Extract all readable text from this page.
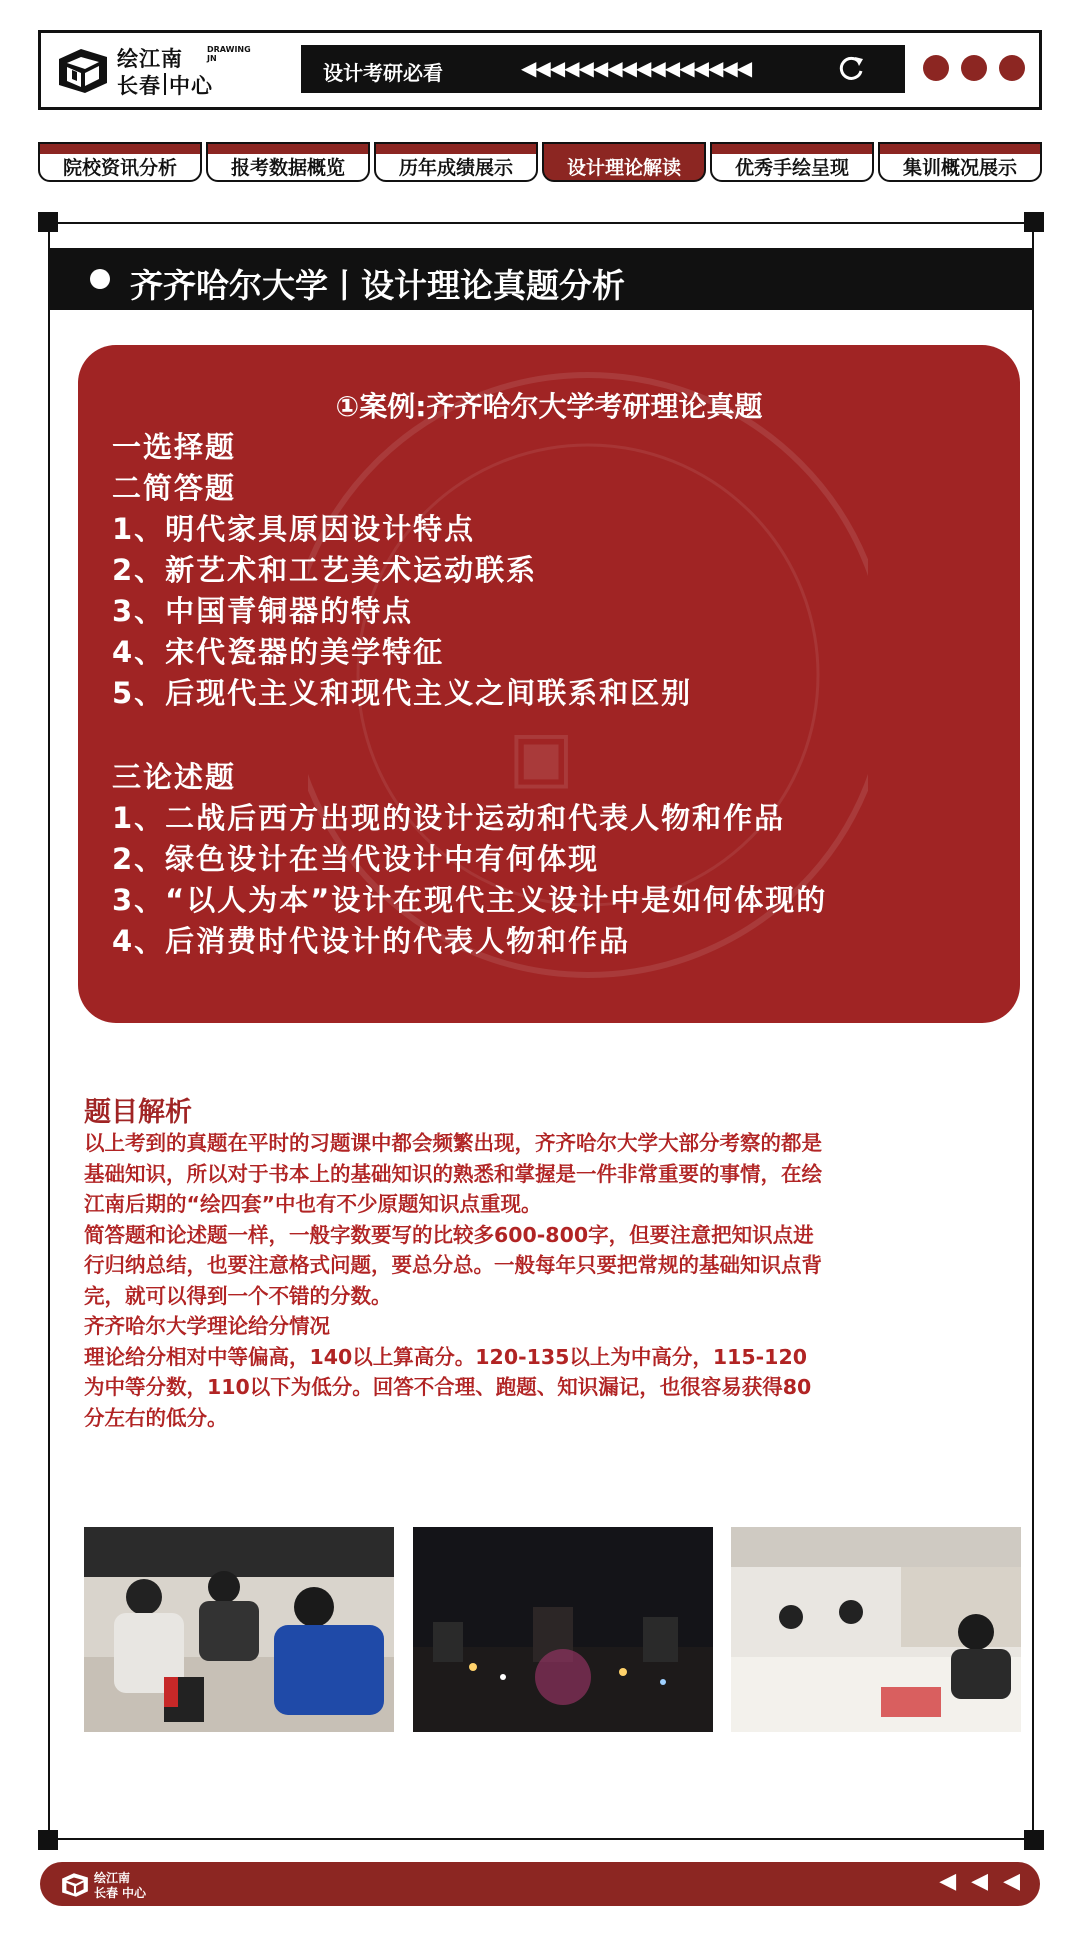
绘江南	DRAWING
JN
长春 中心
设计考研必看	◀◀◀◀◀◀◀◀◀◀◀◀◀◀◀◀
院校资讯分析	报考数据概览	历年成绩展示	设计理论解读	优秀手绘呈现	集训概况展示
齐齐哈尔大学丨设计理论真题分析
▣
①案例:齐齐哈尔大学考研理论真题
一选择题
二简答题
1、明代家具原因设计特点
2、新艺术和工艺美术运动联系
3、中国青铜器的特点
4、宋代瓷器的美学特征
5、后现代主义和现代主义之间联系和区别
三论述题
1、二战后西方出现的设计运动和代表人物和作品
2、绿色设计在当代设计中有何体现
3、“以人为本”设计在现代主义设计中是如何体现的
4、后消费时代设计的代表人物和作品
题目解析

以上考到的真题在平时的习题课中都会频繁出现，齐齐哈尔大学大部分考察的都是

基础知识，所以对于书本上的基础知识的熟悉和掌握是一件非常重要的事情，在绘

江南后期的“绘四套”中也有不少原题知识点重现。

简答题和论述题一样，一般字数要写的比较多600-800字，但要注意把知识点进

行归纳总结，也要注意格式问题，要总分总。一般每年只要把常规的基础知识点背

完，就可以得到一个不错的分数。

齐齐哈尔大学理论给分情况

理论给分相对中等偏高，140以上算高分。120-135以上为中高分，115-120

为中等分数，110以下为低分。回答不合理、跑题、知识漏记，也很容易获得80

分左右的低分。

绘江南
长春 中心	◀ ◀ ◀
